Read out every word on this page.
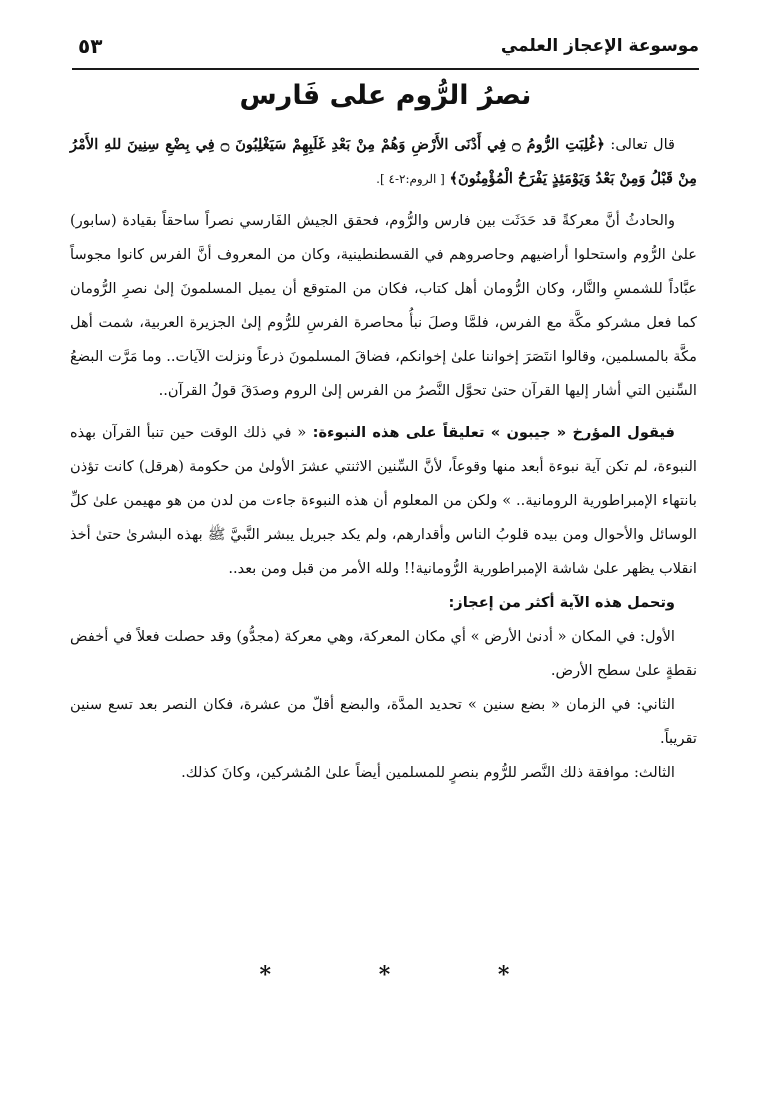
موسوعة الإعجاز العلمي
٥٣
نصرُ الرُّوم على فَارس

قال تعالى: ﴿غُلِبَتِ الرُّومُ ۝ فِي أَدْنَى الأَرْضِ وَهُمْ مِنْ بَعْدِ غَلَبِهِمْ سَيَغْلِبُونَ ۝ فِي بِضْعِ سِنِينَ للهِ الأَمْرُ مِنْ قَبْلُ وَمِنْ بَعْدُ وَيَوْمَئِذٍ يَفْرَحُ الْمُؤْمِنُونَ﴾ [ الروم:٢-٤ ].

والحادثُ أنَّ معركةً قد حَدَثَت بين فارس والرُّوم، فحقق الجيش الفَارسي نصراً ساحقاً بقيادة (سابور) علىٰ الرُّوم واستحلوا أراضيهم وحاصروهم في القسطنطينية، وكان من المعروف أنَّ الفرس كانوا مجوساً عبَّاداً للشمسِ والنَّار، وكان الرُّومان أهل كتاب، فكان من المتوقع أن يميل المسلمونَ إلىٰ نصرِ الرُّومان كما فعل مشركو مكَّة مع الفرس، فلمَّا وصلَ نبأُ محاصرة الفرسِ للرُّوم إلىٰ الجزيرة العربية، شمت أهل مكَّة بالمسلمين، وقالوا انتَصَرَ إخواننا علىٰ إخوانكم، فضاقَ المسلمونَ ذرعاً ونزلت الآيات.. وما مَرَّت البضعُ السِّنين التي أشار إليها القرآن حتىٰ تحوَّل النَّصرُ من الفرس إلىٰ الروم وصدَقَ قولُ القرآن..

فيقول المؤرخ « جيبون » تعليقاً على هذه النبوءة: « في ذلك الوقت حين تنبأ القرآن بهذه النبوءة، لم تكن آية نبوءة أبعد منها وقوعاً، لأنَّ السِّنين الاثنتي عشرَ الأولىٰ من حكومة (هرقل) كانت تؤذن بانتهاء الإمبراطورية الرومانية.. » ولكن من المعلوم أن هذه النبوءة جاءت من لدن من هو مهيمن علىٰ كلِّ الوسائل والأحوال ومن بيده قلوبُ الناس وأقدارهم، ولم يكد جبريل يبشر النَّبيَّ ﷺ بهذه البشرىٰ حتىٰ أخذ انقلاب يظهر علىٰ شاشة الإمبراطورية الرُّومانية!! ولله الأمر من قبل ومن بعد..

وتحمل هذه الآية أكثر من إعجاز:

الأول: في المكان « أدنىٰ الأرض » أي مكان المعركة، وهي معركة (مجدُّو) وقد حصلت فعلاً في أخفض نقطةٍ علىٰ سطح الأرض.

الثاني: في الزمان « بضع سنين » تحديد المدَّة، والبضع أقلّ من عشرة، فكان النصر بعد تسع سنين تقريباً.

الثالث: موافقة ذلك النَّصر للرُّوم بنصرٍ للمسلمين أيضاً علىٰ المُشركين، وكانَ كذلك.

*	*	*
